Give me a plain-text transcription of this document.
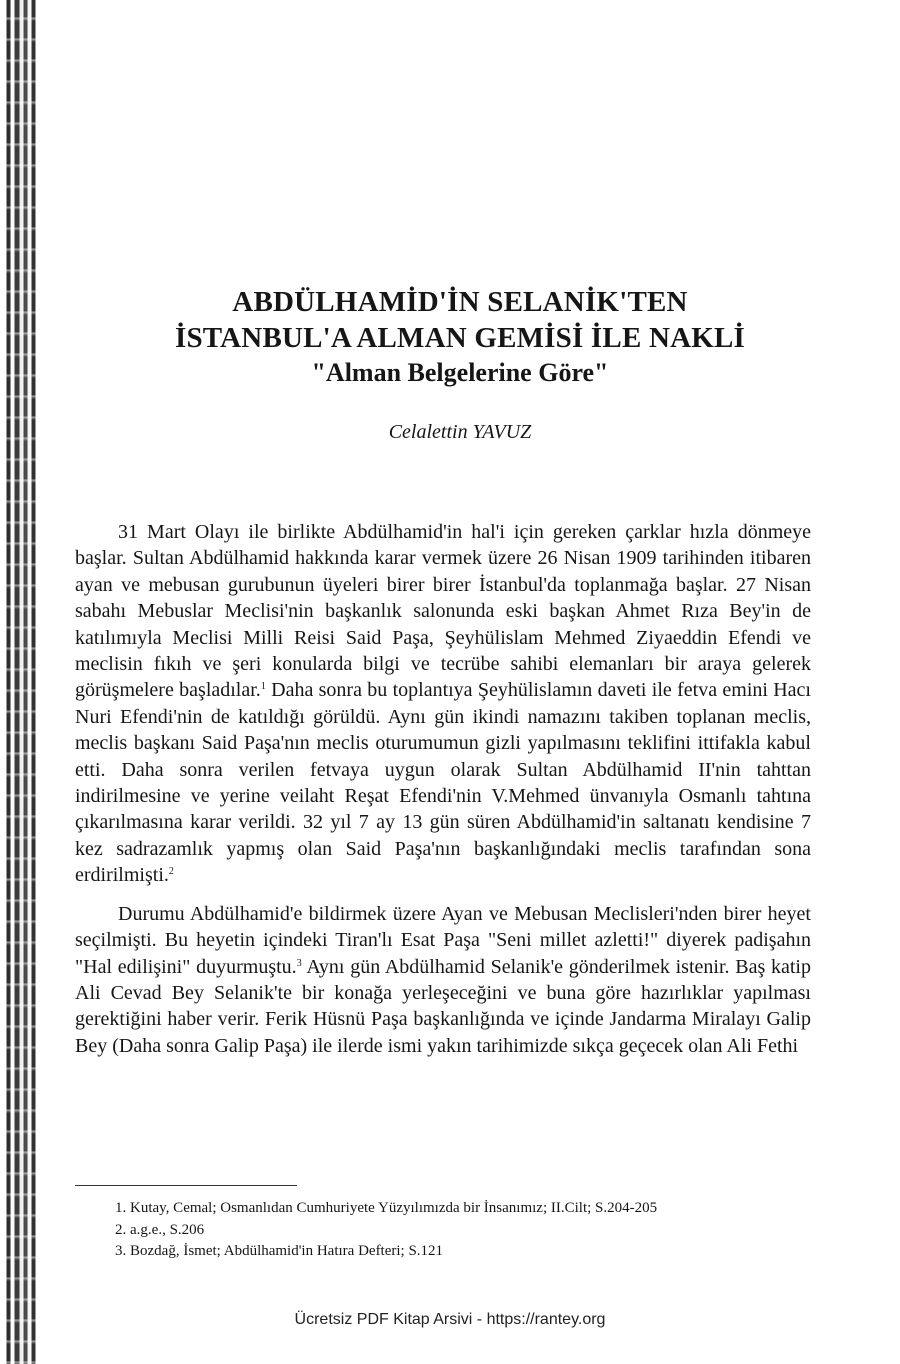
ABDÜLHAMİD'İN SELANİK'TEN

İSTANBUL'A ALMAN GEMİSİ İLE NAKLİ

"Alman Belgelerine Göre"

Celalettin YAVUZ

31 Mart Olayı ile birlikte Abdülhamid'in hal'i için gereken çarklar hızla dönmeye başlar. Sultan Abdülhamid hakkında karar vermek üzere 26 Nisan 1909 tarihinden itibaren ayan ve mebusan gurubunun üyeleri birer birer İstanbul'da toplanmağa başlar. 27 Nisan sabahı Mebuslar Meclisi'nin başkanlık salonunda eski başkan Ahmet Rıza Bey'in de katılımıyla Meclisi Milli Reisi Said Paşa, Şeyhülislam Mehmed Ziyaeddin Efendi ve meclisin fıkıh ve şeri konularda bilgi ve tecrübe sahibi elemanları bir araya gelerek görüşmelere başladılar.$^1$ Daha sonra bu toplantıya Şeyhülislamın daveti ile fetva emini Hacı Nuri Efendi'nin de katıldığı görüldü. Aynı gün ikindi namazını takiben toplanan meclis, meclis başkanı Said Paşa'nın meclis oturumumun gizli yapılmasını teklifini ittifakla kabul etti. Daha sonra verilen fetvaya uygun olarak Sultan Abdülhamid II'nin tahttan indirilmesine ve yerine veilaht Reşat Efendi'nin V.Mehmed ünvanıyla Osmanlı tahtına çıkarılmasına karar verildi. 32 yıl 7 ay 13 gün süren Abdülhamid'in saltanatı kendisine 7 kez sadrazamlık yapmış olan Said Paşa'nın başkanlığındaki meclis tarafından sona erdirilmişti.$^2$

Durumu Abdülhamid'e bildirmek üzere Ayan ve Mebusan Meclisleri'nden birer heyet seçilmişti. Bu heyetin içindeki Tiran'lı Esat Paşa "Seni millet azletti!" diyerek padişahın "Hal edilişini" duyurmuştu.$^3$ Aynı gün Abdülhamid Selanik'e gönderilmek istenir. Baş katip Ali Cevad Bey Selanik'te bir konağa yerleşeceğini ve buna göre hazırlıklar yapılması gerektiğini haber verir. Ferik Hüsnü Paşa başkanlığında ve içinde Jandarma Miralayı Galip Bey (Daha sonra Galip Paşa) ile ilerde ismi yakın tarihimizde sıkça geçecek olan Ali Fethi

1. Kutay, Cemal; Osmanlıdan Cumhuriyete Yüzyılımızda bir İnsanımız; II.Cilt; S.204-205

2. a.g.e., S.206

3. Bozdağ, İsmet; Abdülhamid'in Hatıra Defteri; S.121

Ücretsiz PDF Kitap Arsivi - https://rantey.org
